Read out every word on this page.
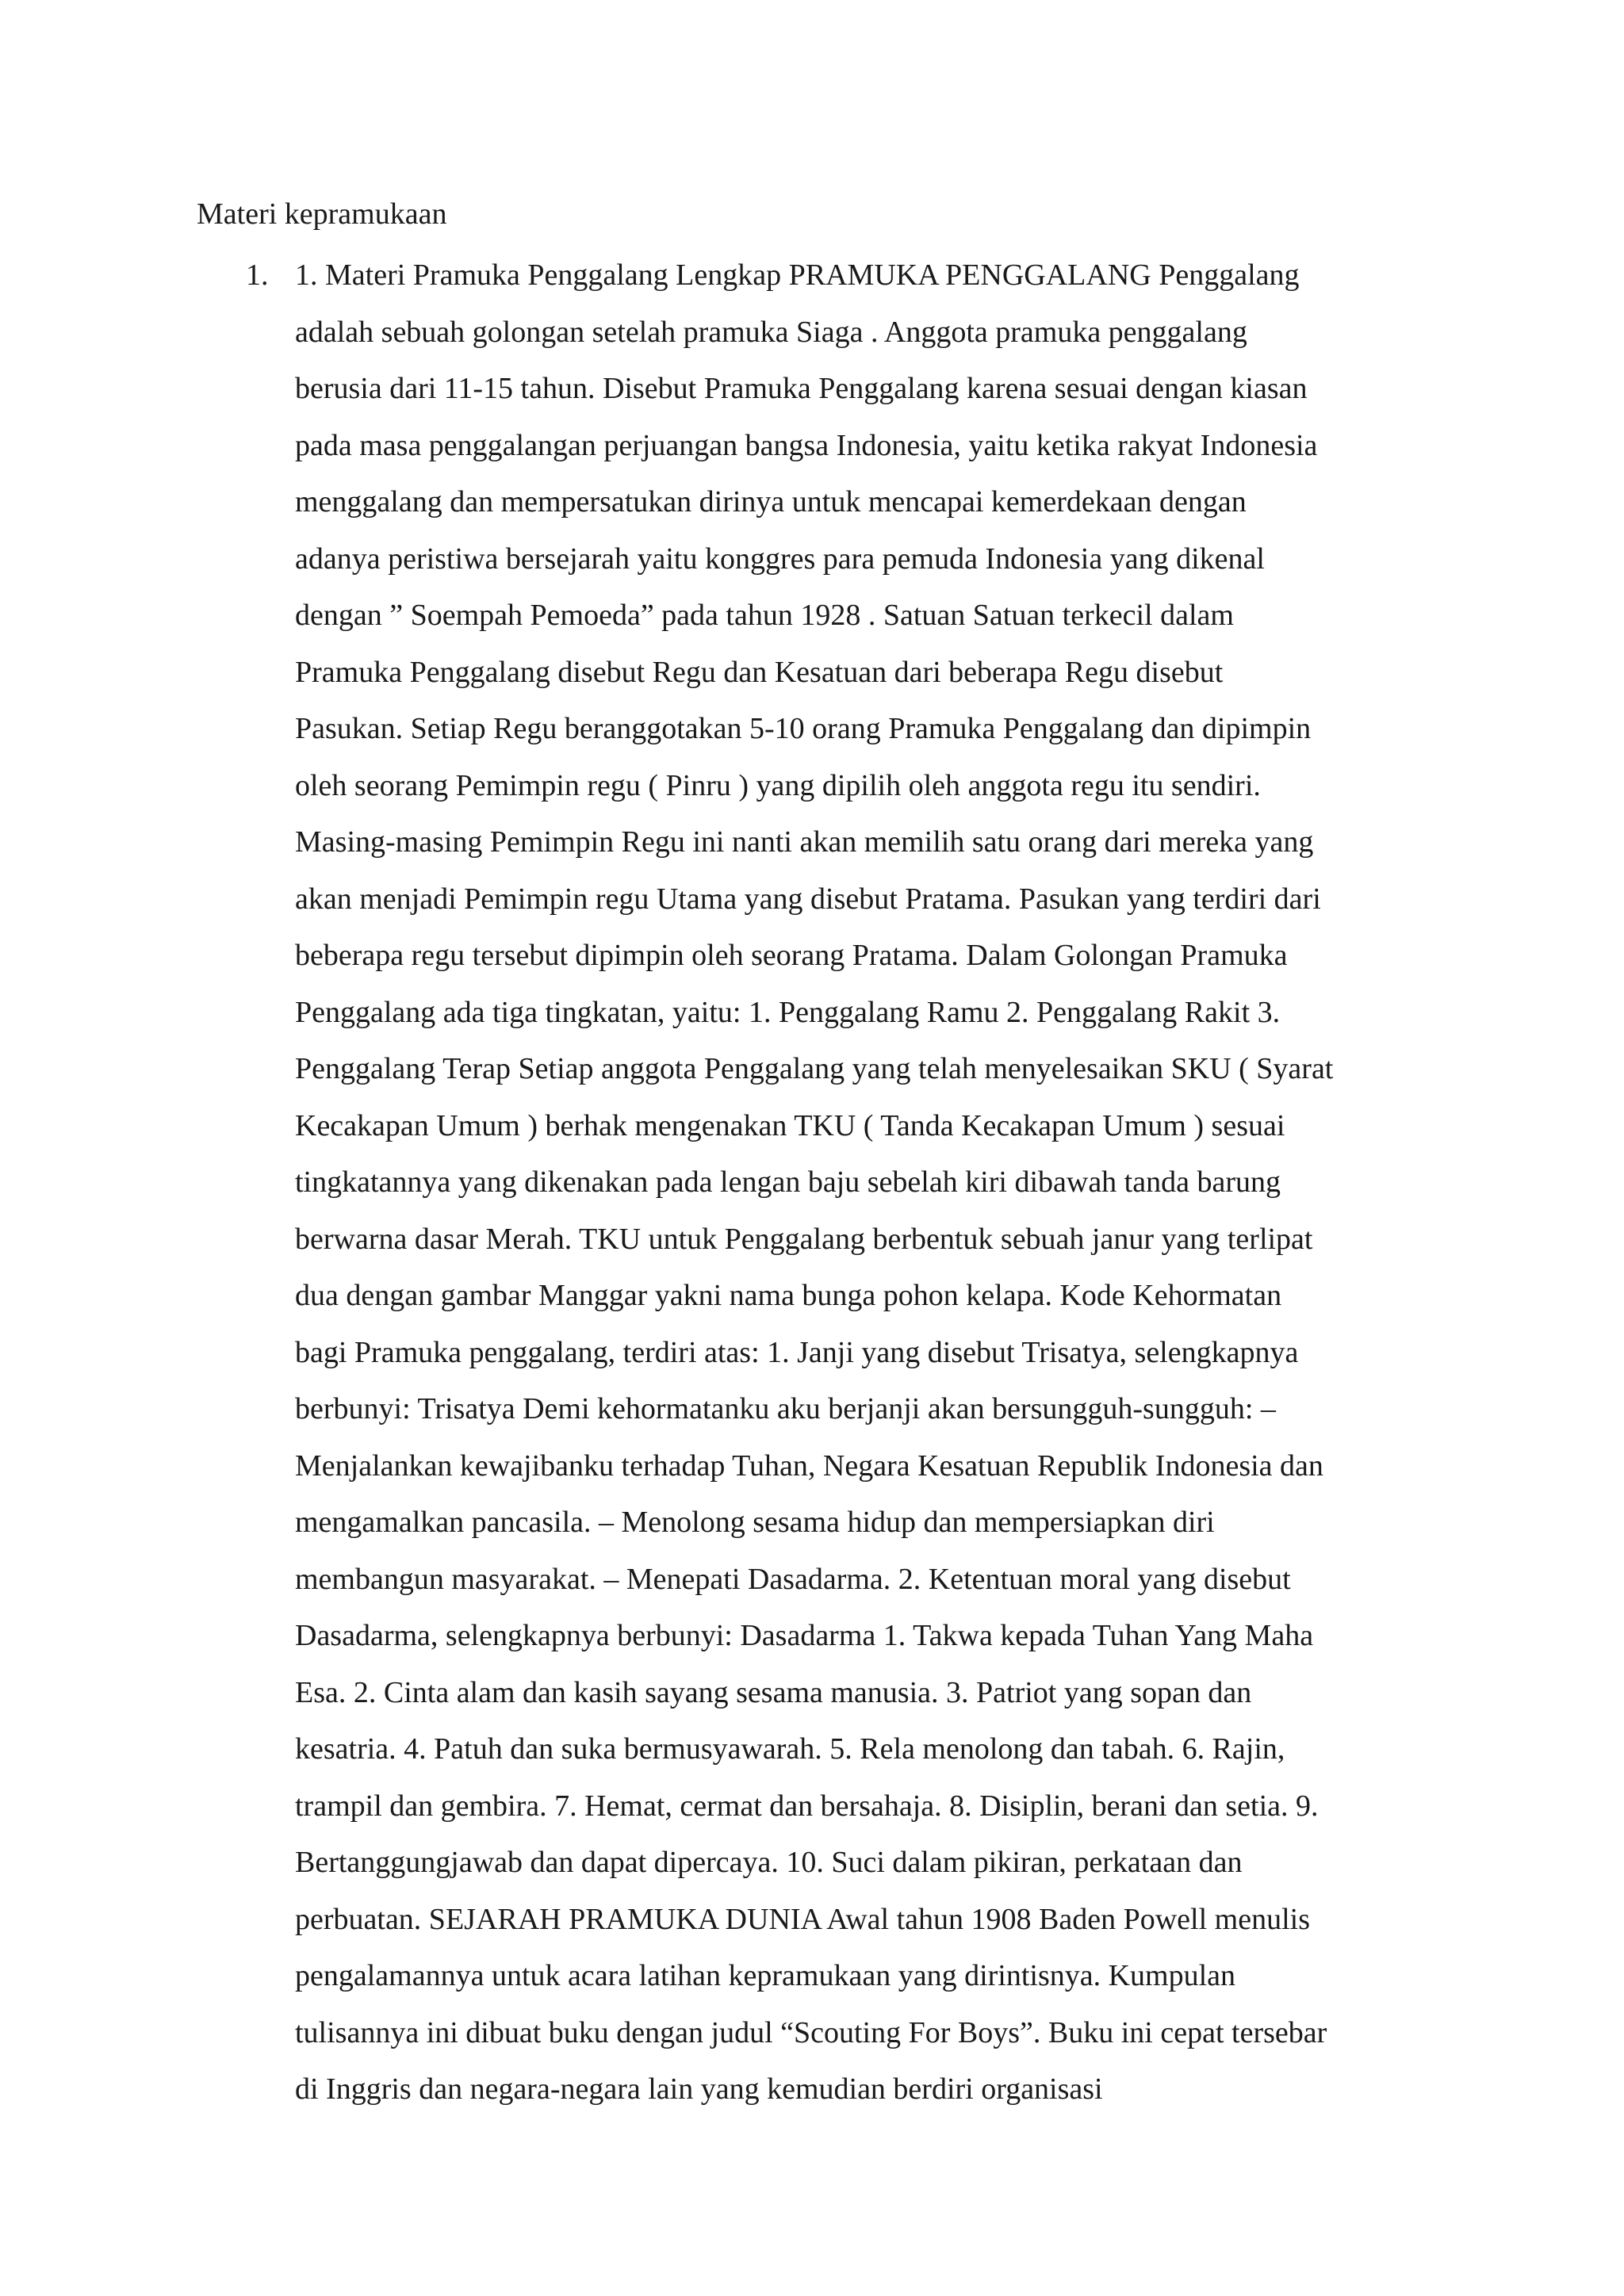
Materi kepramukaan
1. 1. Materi Pramuka Penggalang Lengkap PRAMUKA PENGGALANG Penggalang
adalah sebuah golongan setelah pramuka Siaga . Anggota pramuka penggalang
berusia dari 11-15 tahun. Disebut Pramuka Penggalang karena sesuai dengan kiasan
pada masa penggalangan perjuangan bangsa Indonesia, yaitu ketika rakyat Indonesia
menggalang dan mempersatukan dirinya untuk mencapai kemerdekaan dengan
adanya peristiwa bersejarah yaitu konggres para pemuda Indonesia yang dikenal
dengan ” Soempah Pemoeda” pada tahun 1928 . Satuan Satuan terkecil dalam
Pramuka Penggalang disebut Regu dan Kesatuan dari beberapa Regu disebut
Pasukan. Setiap Regu beranggotakan 5-10 orang Pramuka Penggalang dan dipimpin
oleh seorang Pemimpin regu ( Pinru ) yang dipilih oleh anggota regu itu sendiri.
Masing-masing Pemimpin Regu ini nanti akan memilih satu orang dari mereka yang
akan menjadi Pemimpin regu Utama yang disebut Pratama. Pasukan yang terdiri dari
beberapa regu tersebut dipimpin oleh seorang Pratama. Dalam Golongan Pramuka
Penggalang ada tiga tingkatan, yaitu: 1. Penggalang Ramu 2. Penggalang Rakit 3.
Penggalang Terap Setiap anggota Penggalang yang telah menyelesaikan SKU ( Syarat
Kecakapan Umum ) berhak mengenakan TKU ( Tanda Kecakapan Umum ) sesuai
tingkatannya yang dikenakan pada lengan baju sebelah kiri dibawah tanda barung
berwarna dasar Merah. TKU untuk Penggalang berbentuk sebuah janur yang terlipat
dua dengan gambar Manggar yakni nama bunga pohon kelapa. Kode Kehormatan
bagi Pramuka penggalang, terdiri atas: 1. Janji yang disebut Trisatya, selengkapnya
berbunyi: Trisatya Demi kehormatanku aku berjanji akan bersungguh-sungguh: –
Menjalankan kewajibanku terhadap Tuhan, Negara Kesatuan Republik Indonesia dan
mengamalkan pancasila. – Menolong sesama hidup dan mempersiapkan diri
membangun masyarakat. – Menepati Dasadarma. 2. Ketentuan moral yang disebut
Dasadarma, selengkapnya berbunyi: Dasadarma 1. Takwa kepada Tuhan Yang Maha
Esa. 2. Cinta alam dan kasih sayang sesama manusia. 3. Patriot yang sopan dan
kesatria. 4. Patuh dan suka bermusyawarah. 5. Rela menolong dan tabah. 6. Rajin,
trampil dan gembira. 7. Hemat, cermat dan bersahaja. 8. Disiplin, berani dan setia. 9.
Bertanggungjawab dan dapat dipercaya. 10. Suci dalam pikiran, perkataan dan
perbuatan. SEJARAH PRAMUKA DUNIA Awal tahun 1908 Baden Powell menulis
pengalamannya untuk acara latihan kepramukaan yang dirintisnya. Kumpulan
tulisannya ini dibuat buku dengan judul “Scouting For Boys”. Buku ini cepat tersebar
di Inggris dan negara-negara lain yang kemudian berdiri organisasi
